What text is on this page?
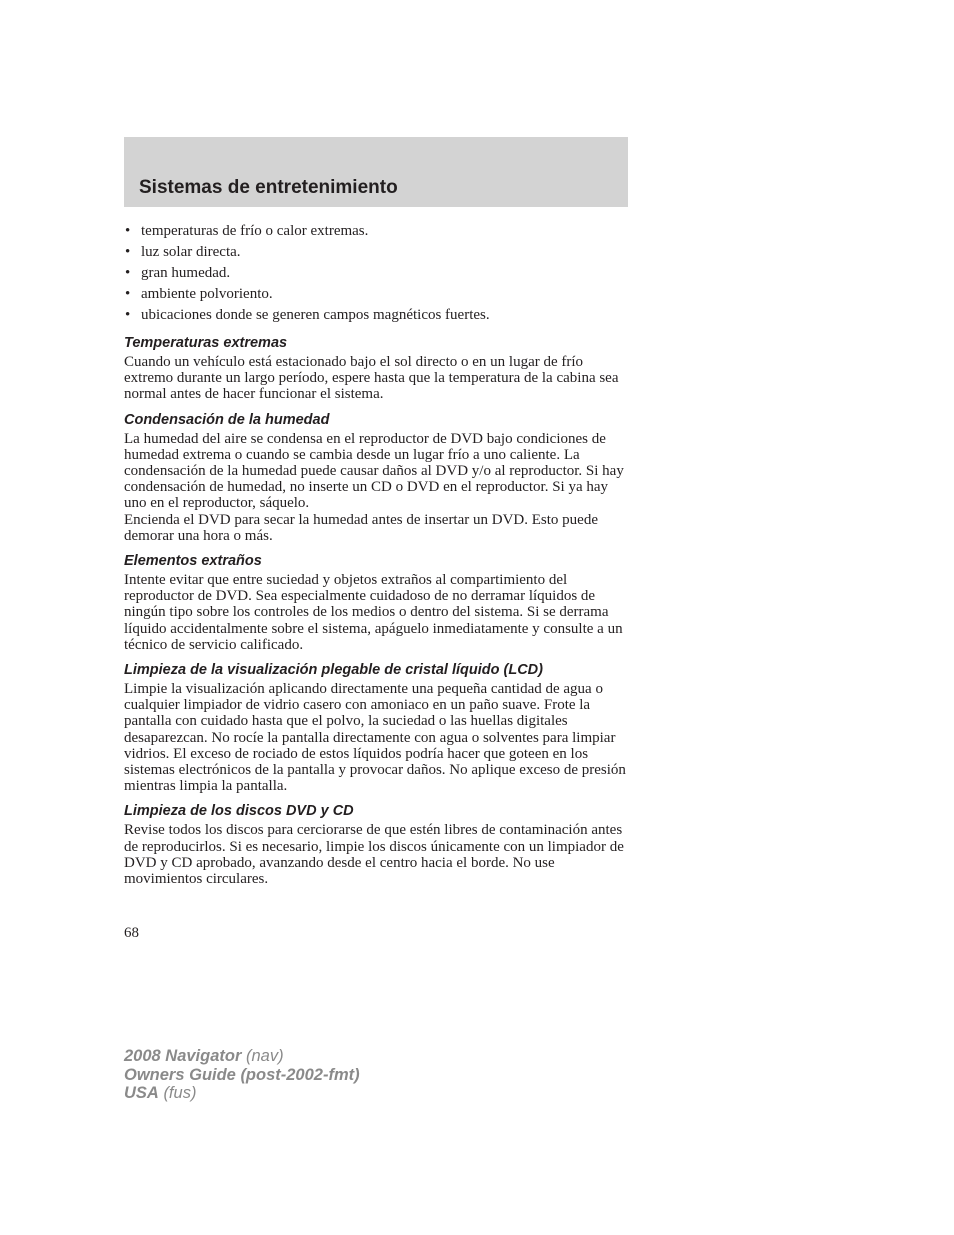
Sistemas de entretenimiento
• temperaturas de frío o calor extremas.
• luz solar directa.
• gran humedad.
• ambiente polvoriento.
• ubicaciones donde se generen campos magnéticos fuertes.
Temperaturas extremas

Cuando un vehículo está estacionado bajo el sol directo o en un lugar de frío extremo durante un largo período, espere hasta que la temperatura de la cabina sea normal antes de hacer funcionar el sistema.

Condensación de la humedad

La humedad del aire se condensa en el reproductor de DVD bajo condiciones de humedad extrema o cuando se cambia desde un lugar frío a uno caliente. La condensación de la humedad puede causar daños al DVD y/o al reproductor. Si hay condensación de humedad, no inserte un CD o DVD en el reproductor. Si ya hay uno en el reproductor, sáquelo.

Encienda el DVD para secar la humedad antes de insertar un DVD. Esto puede demorar una hora o más.

Elementos extraños

Intente evitar que entre suciedad y objetos extraños al compartimiento del reproductor de DVD. Sea especialmente cuidadoso de no derramar líquidos de ningún tipo sobre los controles de los medios o dentro del sistema. Si se derrama líquido accidentalmente sobre el sistema, apáguelo inmediatamente y consulte a un técnico de servicio calificado.

Limpieza de la visualización plegable de cristal líquido (LCD)

Limpie la visualización aplicando directamente una pequeña cantidad de agua o cualquier limpiador de vidrio casero con amoniaco en un paño suave. Frote la pantalla con cuidado hasta que el polvo, la suciedad o las huellas digitales desaparezcan. No rocíe la pantalla directamente con agua o solventes para limpiar vidrios. El exceso de rociado de estos líquidos podría hacer que goteen en los sistemas electrónicos de la pantalla y provocar daños. No aplique exceso de presión mientras limpia la pantalla.

Limpieza de los discos DVD y CD

Revise todos los discos para cerciorarse de que estén libres de contaminación antes de reproducirlos. Si es necesario, limpie los discos únicamente con un limpiador de DVD y CD aprobado, avanzando desde el centro hacia el borde. No use movimientos circulares.

68
2008 Navigator (nav)
Owners Guide (post-2002-fmt)
USA (fus)
